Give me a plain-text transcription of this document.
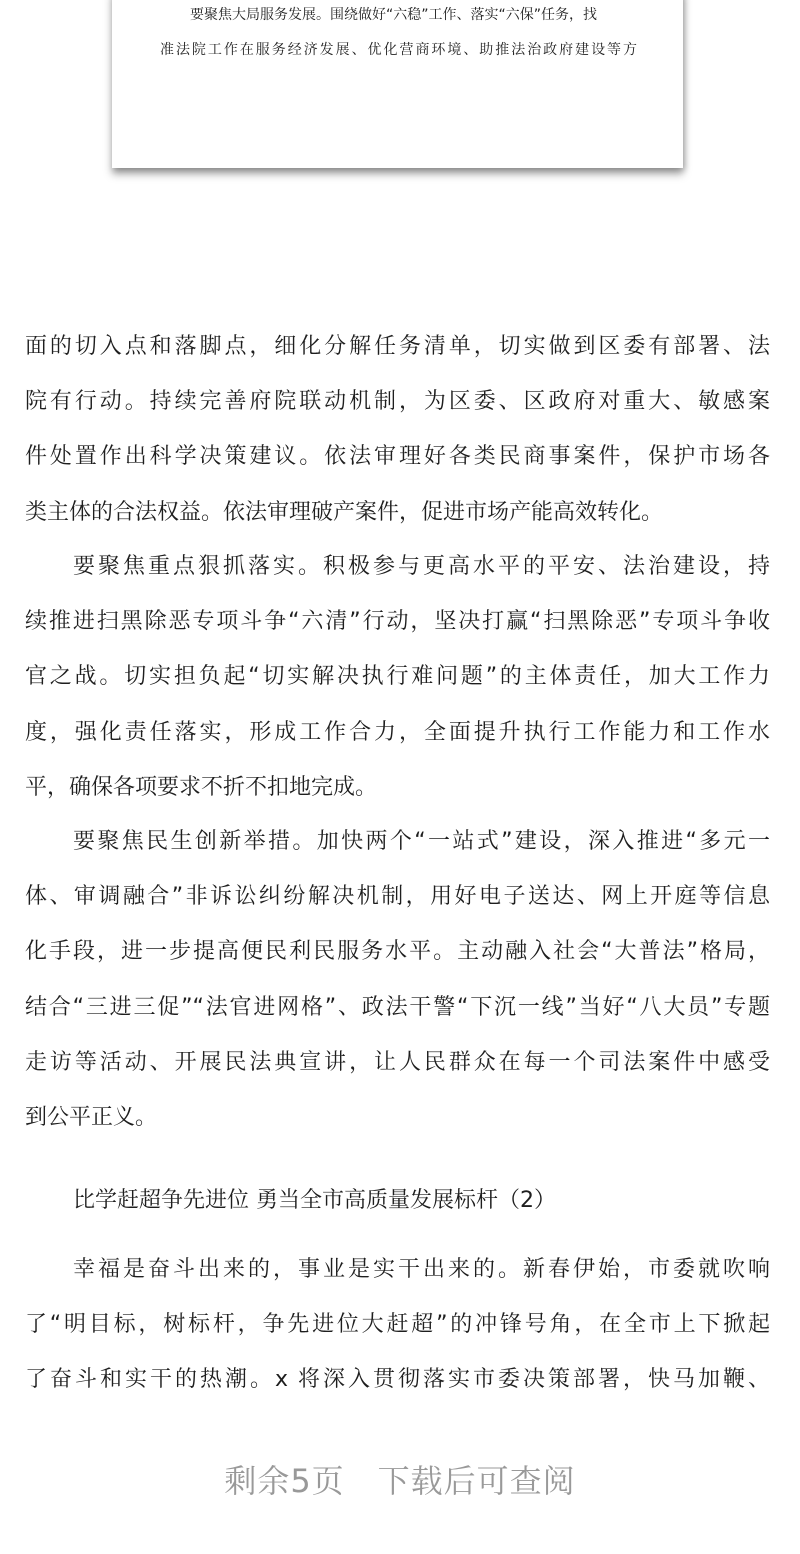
要聚焦大局服务发展。围绕做好“六稳”工作、落实“六保”任务，找
准法院工作在服务经济发展、优化营商环境、助推法治政府建设等方
面的切入点和落脚点，细化分解任务清单，切实做到区委有部署、法
院有行动。持续完善府院联动机制，为区委、区政府对重大、敏感案
件处置作出科学决策建议。依法审理好各类民商事案件，保护市场各
类主体的合法权益。依法审理破产案件，促进市场产能高效转化。
要聚焦重点狠抓落实。积极参与更高水平的平安、法治建设，持
续推进扫黑除恶专项斗争“六清”行动，坚决打赢“扫黑除恶”专项斗争收
官之战。切实担负起“切实解决执行难问题”的主体责任，加大工作力
度，强化责任落实，形成工作合力，全面提升执行工作能力和工作水
平，确保各项要求不折不扣地完成。
要聚焦民生创新举措。加快两个“一站式”建设，深入推进“多元一
体、审调融合”非诉讼纠纷解决机制，用好电子送达、网上开庭等信息
化手段，进一步提高便民利民服务水平。主动融入社会“大普法”格局，
结合“三进三促”“法官进网格”、政法干警“下沉一线”当好“八大员”专题
走访等活动、开展民法典宣讲，让人民群众在每一个司法案件中感受
到公平正义。
幸福是奋斗出来的，事业是实干出来的。新春伊始，市委就吹响
了“明目标，树标杆，争先进位大赶超”的冲锋号角，在全市上下掀起
了奋斗和实干的热潮。x 将深入贯彻落实市委决策部署，快马加鞭、
比学赶超争先进位 勇当全市高质量发展标杆（2）
剩余5页　下载后可查阅
